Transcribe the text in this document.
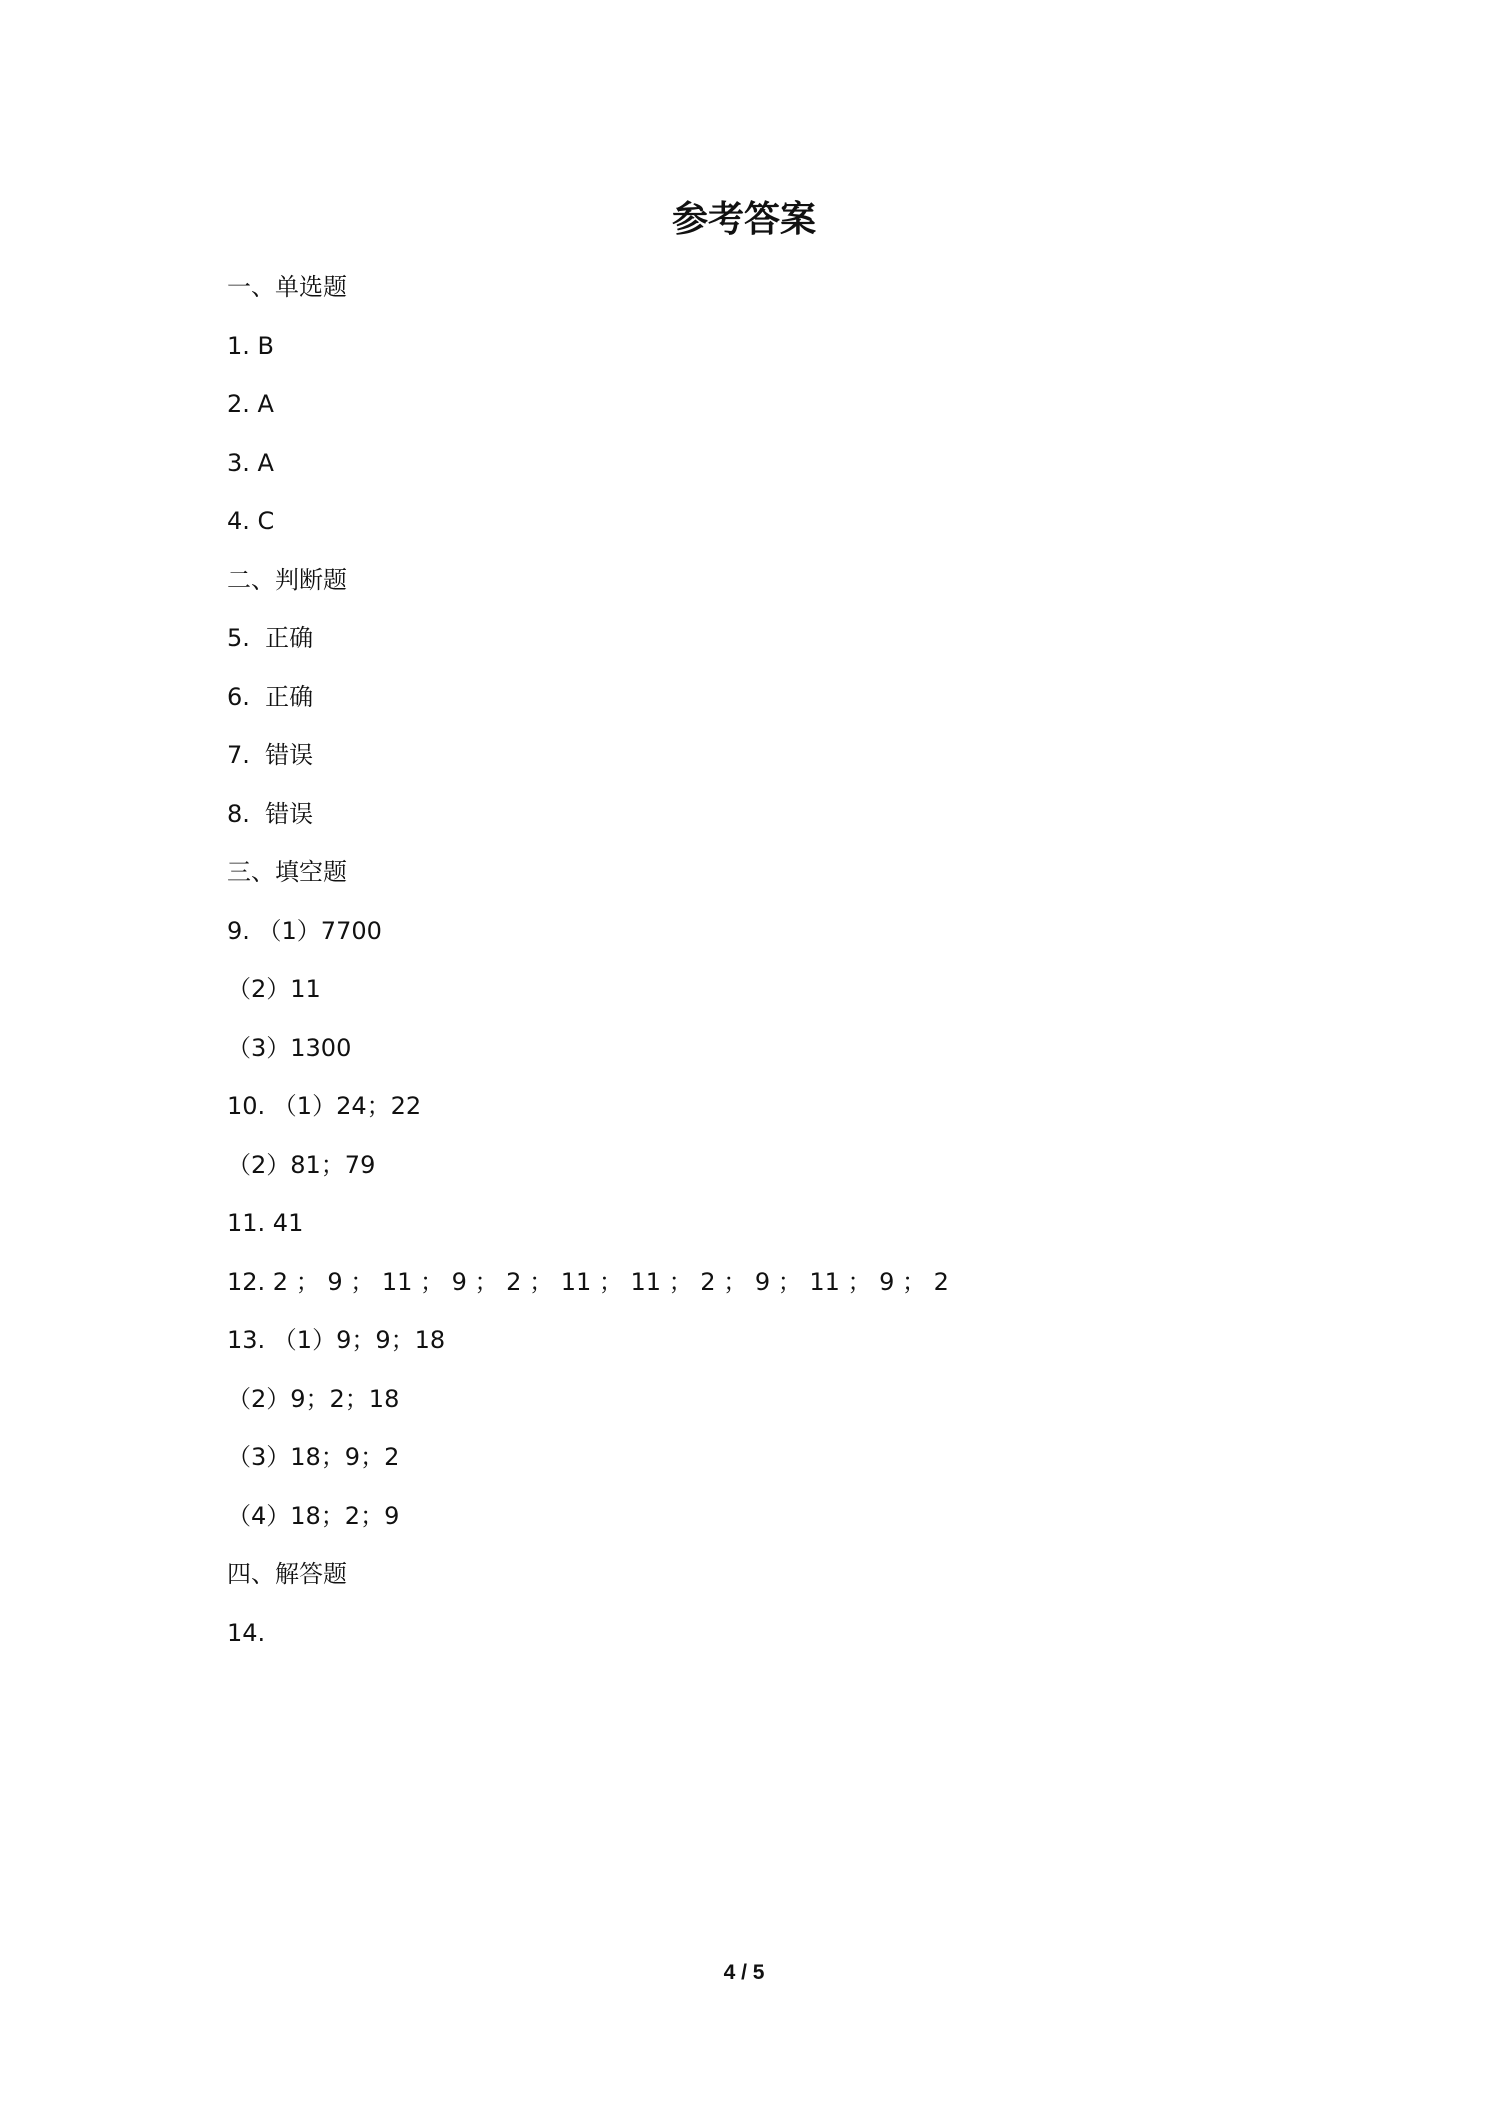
参考答案
一、单选题
1. B
2. A
3. A
4. C
二、判断题
5.  正确
6.  正确
7.  错误
8.  错误
三、填空题
9. （1）7700
（2）11
（3）1300
10. （1）24；22
（2）81；79
11. 41
12. 2 ； 9 ； 11 ； 9 ； 2 ； 11 ； 11 ； 2 ； 9 ； 11 ； 9 ； 2
13. （1）9；9；18
（2）9；2；18
（3）18；9；2
（4）18；2；9
四、解答题
14.
4 / 5
